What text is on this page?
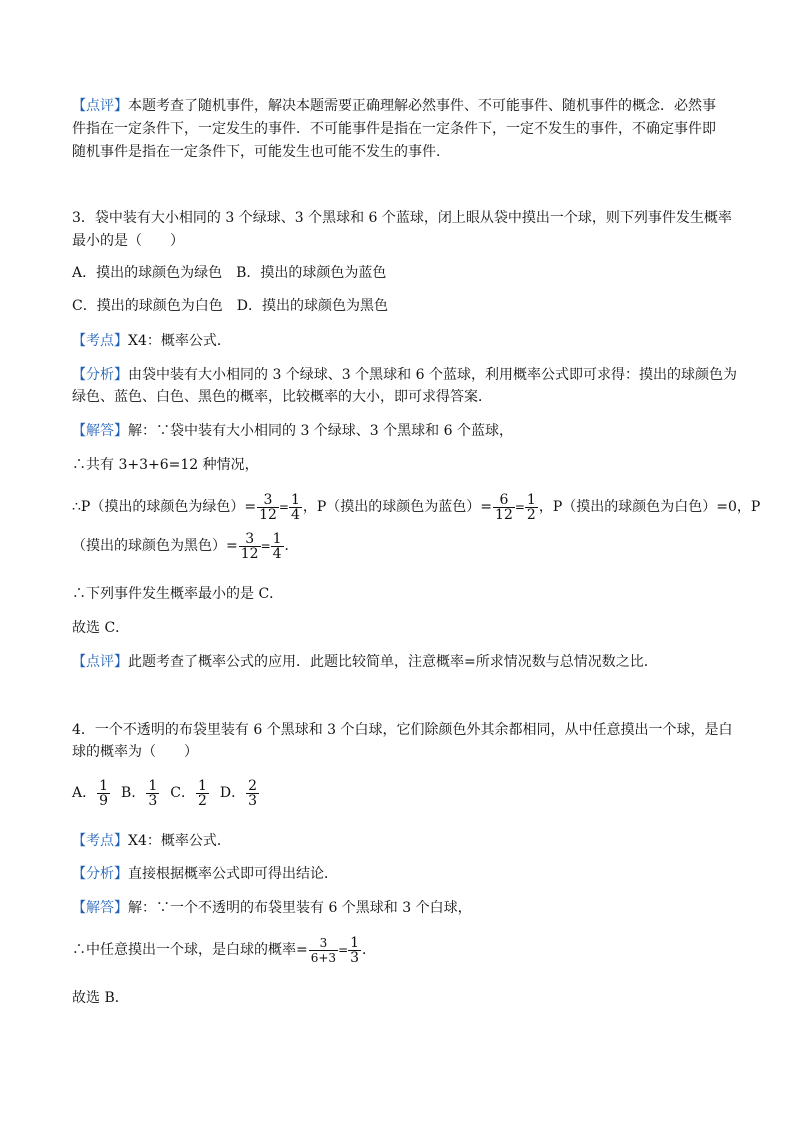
【点评】本题考查了随机事件，解决本题需要正确理解必然事件、不可能事件、随机事件的概念．必然事
件指在一定条件下，一定发生的事件．不可能事件是指在一定条件下，一定不发生的事件，不确定事件即
随机事件是指在一定条件下，可能发生也可能不发生的事件．
3．袋中装有大小相同的 3 个绿球、3 个黑球和 6 个蓝球，闭上眼从袋中摸出一个球，则下列事件发生概率
最小的是（　　）
A．摸出的球颜色为绿色 B．摸出的球颜色为蓝色
C．摸出的球颜色为白色 D．摸出的球颜色为黑色
【考点】X4：概率公式．
【分析】由袋中装有大小相同的 3 个绿球、3 个黑球和 6 个蓝球，利用概率公式即可求得：摸出的球颜色为
绿色、蓝色、白色、黑色的概率，比较概率的大小，即可求得答案．
【解答】解：∵袋中装有大小相同的 3 个绿球、3 个黑球和 6 个蓝球，
∴共有 3+3+6=12 种情况，
∴P（摸出的球颜色为绿色）= $\frac{3}{12} = \frac{1}{4}$ ，P（摸出的球颜色为蓝色）= $\frac{6}{12} = \frac{1}{2}$ ，P（摸出的球颜色为白色）=0，P
（摸出的球颜色为黑色）= $\frac{3}{12} = \frac{1}{4}$ ．
∴下列事件发生概率最小的是 C．
故选 C．
【点评】此题考查了概率公式的应用．此题比较简单，注意概率=所求情况数与总情况数之比．
4．一个不透明的布袋里装有 6 个黑球和 3 个白球，它们除颜色外其余都相同，从中任意摸出一个球，是白
球的概率为（　　）
A． $\frac{1}{9}$ B． $\frac{1}{3}$ C． $\frac{1}{2}$ D． $\frac{2}{3}$
【考点】X4：概率公式．
【分析】直接根据概率公式即可得出结论．
【解答】解：∵一个不透明的布袋里装有 6 个黑球和 3 个白球，
∴中任意摸出一个球，是白球的概率= $\frac{3}{6+3} = \frac{1}{3}$ ．
故选 B．
